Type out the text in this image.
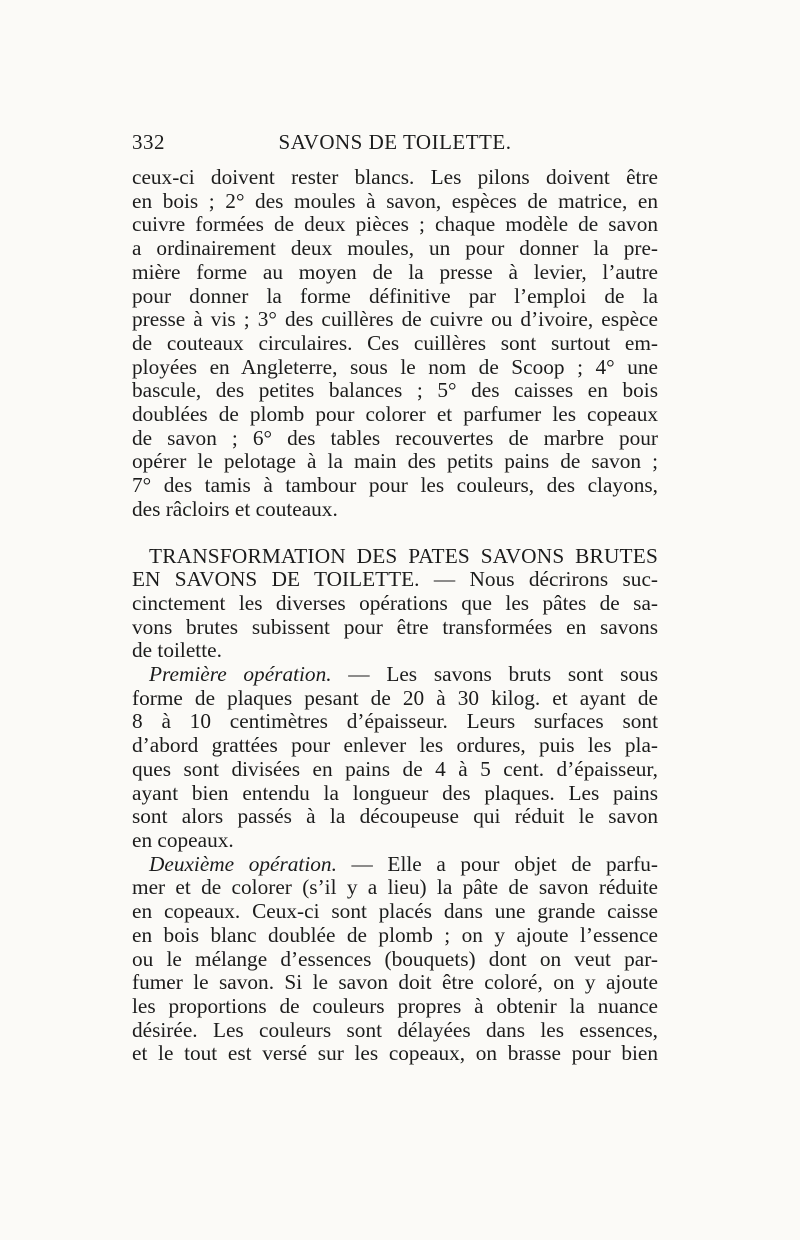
332	SAVONS DE TOILETTE.
ceux-ci doivent rester blancs. Les pilons doivent être
en bois ; 2° des moules à savon, espèces de matrice, en
cuivre formées de deux pièces ; chaque modèle de savon
a ordinairement deux moules, un pour donner la pre-
mière forme au moyen de la presse à levier, l’autre
pour donner la forme définitive par l’emploi de la
presse à vis ; 3° des cuillères de cuivre ou d’ivoire, espèce
de couteaux circulaires. Ces cuillères sont surtout em-
ployées en Angleterre, sous le nom de Scoop ; 4° une
bascule, des petites balances ; 5° des caisses en bois
doublées de plomb pour colorer et parfumer les copeaux
de savon ; 6° des tables recouvertes de marbre pour
opérer le pelotage à la main des petits pains de savon ;
7° des tamis à tambour pour les couleurs, des clayons,
des râcloirs et couteaux.
TRANSFORMATION DES PATES SAVONS BRUTES
EN SAVONS DE TOILETTE. — Nous décrirons suc-
cinctement les diverses opérations que les pâtes de sa-
vons brutes subissent pour être transformées en savons
de toilette.
Première opération. — Les savons bruts sont sous
forme de plaques pesant de 20 à 30 kilog. et ayant de
8 à 10 centimètres d’épaisseur. Leurs surfaces sont
d’abord grattées pour enlever les ordures, puis les pla-
ques sont divisées en pains de 4 à 5 cent. d’épaisseur,
ayant bien entendu la longueur des plaques. Les pains
sont alors passés à la découpeuse qui réduit le savon
en copeaux.
Deuxième opération. — Elle a pour objet de parfu-
mer et de colorer (s’il y a lieu) la pâte de savon réduite
en copeaux. Ceux-ci sont placés dans une grande caisse
en bois blanc doublée de plomb ; on y ajoute l’essence
ou le mélange d’essences (bouquets) dont on veut par-
fumer le savon. Si le savon doit être coloré, on y ajoute
les proportions de couleurs propres à obtenir la nuance
désirée. Les couleurs sont délayées dans les essences,
et le tout est versé sur les copeaux, on brasse pour bien
